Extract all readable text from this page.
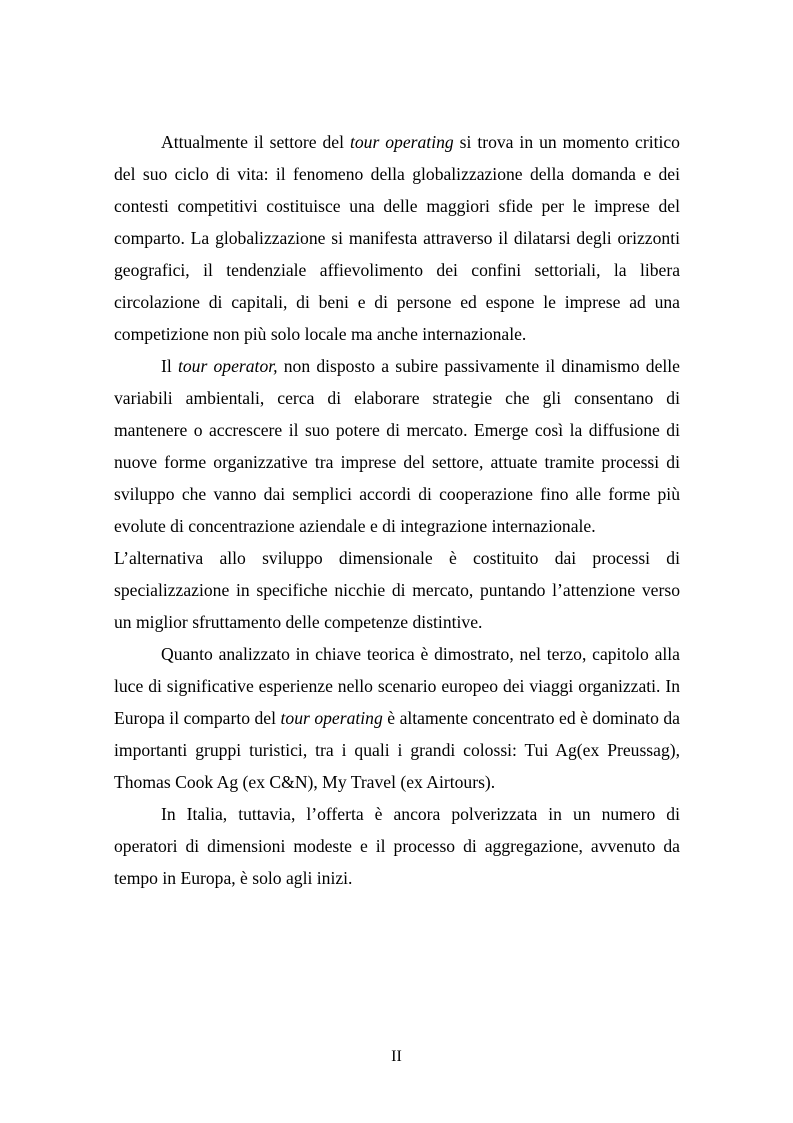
Attualmente il settore del tour operating si trova in un momento critico del suo ciclo di vita: il fenomeno della globalizzazione della domanda e dei contesti competitivi costituisce una delle maggiori sfide per le imprese del comparto. La globalizzazione si manifesta attraverso il dilatarsi degli orizzonti geografici, il tendenziale affievolimento dei confini settoriali, la libera circolazione di capitali, di beni e di persone ed espone le imprese ad una competizione non più solo locale ma anche internazionale.

Il tour operator, non disposto a subire passivamente il dinamismo delle variabili ambientali, cerca di elaborare strategie che gli consentano di mantenere o accrescere il suo potere di mercato. Emerge così la diffusione di nuove forme organizzative tra imprese del settore, attuate tramite processi di sviluppo che vanno dai semplici accordi di cooperazione fino alle forme più evolute di concentrazione aziendale e di integrazione internazionale.

L’alternativa allo sviluppo dimensionale è costituito dai processi di specializzazione in specifiche nicchie di mercato, puntando l’attenzione verso un miglior sfruttamento delle competenze distintive.

Quanto analizzato in chiave teorica è dimostrato, nel terzo, capitolo alla luce di significative esperienze nello scenario europeo dei viaggi organizzati. In Europa il comparto del tour operating è altamente concentrato ed è dominato da importanti gruppi turistici, tra i quali i grandi colossi: Tui Ag(ex Preussag), Thomas Cook Ag (ex C&N), My Travel (ex Airtours).

In Italia, tuttavia, l’offerta è ancora polverizzata in un numero di operatori di dimensioni modeste e il processo di aggregazione, avvenuto da tempo in Europa, è solo agli inizi.

II
